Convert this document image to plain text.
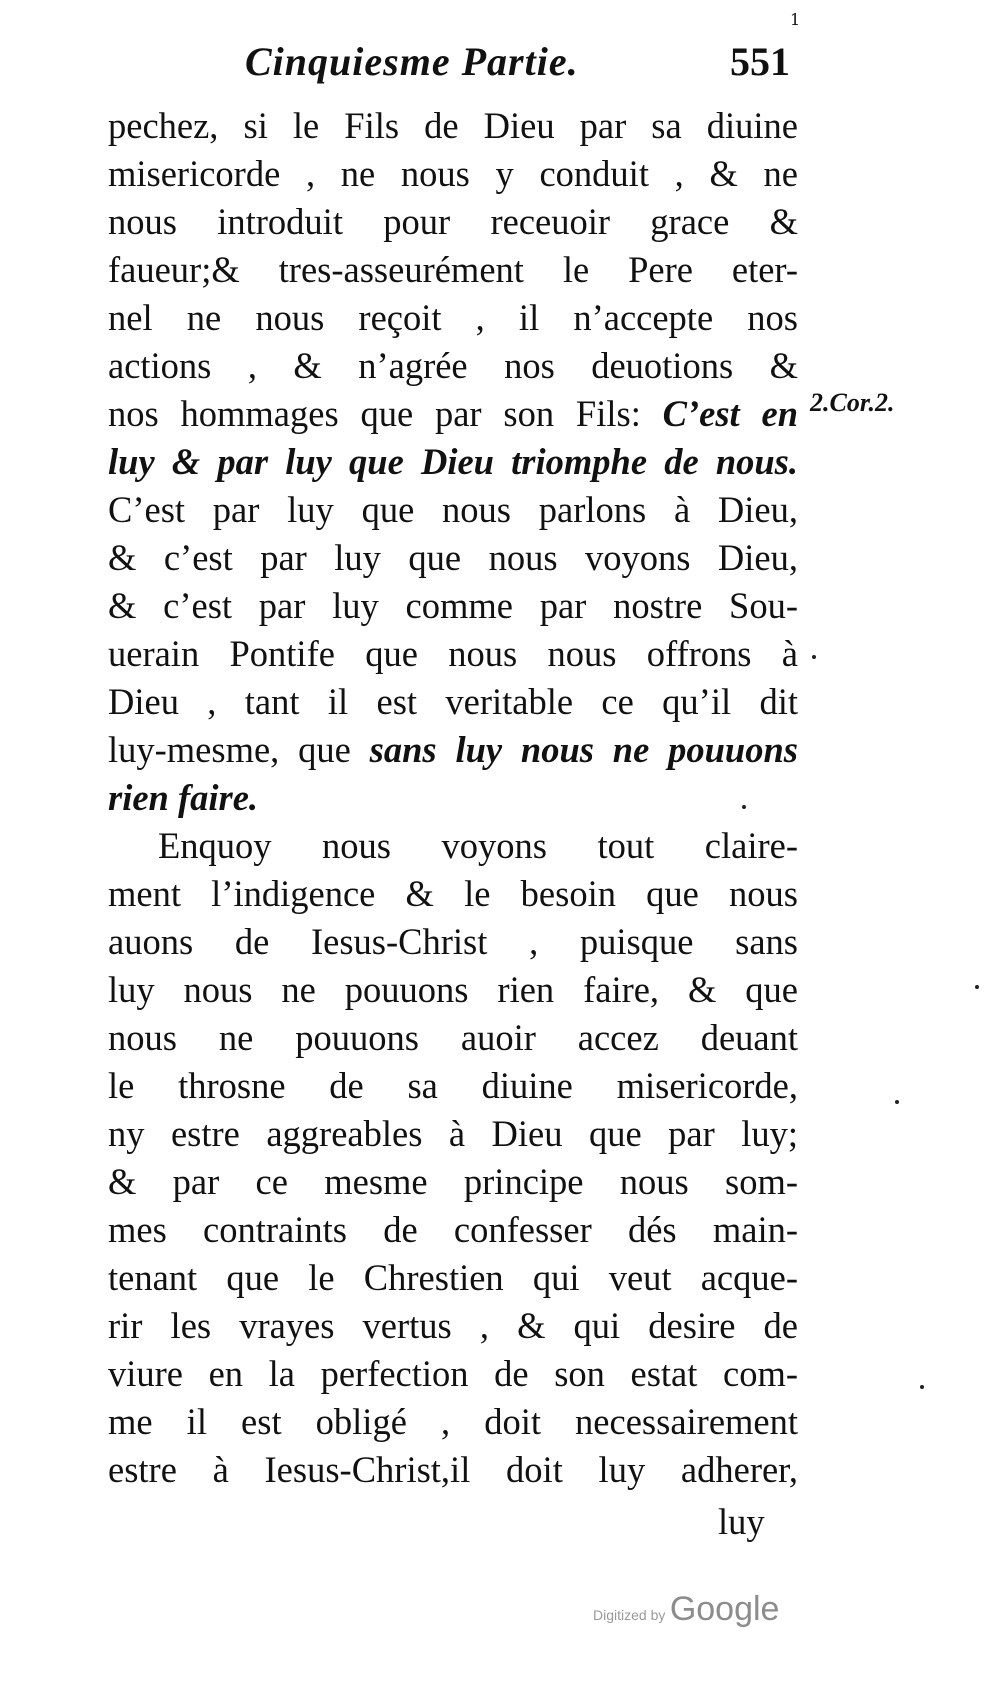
Cinquiesme Partie.	551
1
pechez, si le Fils de Dieu par sa diuine
misericorde , ne nous y conduit , & ne
nous introduit pour receuoir grace &
faueur;& tres-asseurément le Pere eter-
nel ne nous reçoit , il n’accepte nos
actions , & n’agrée nos deuotions &
nos hommages que par son Fils: C’est en
luy & par luy que Dieu triomphe de nous.
C’est par luy que nous parlons à Dieu,
& c’est par luy que nous voyons Dieu,
& c’est par luy comme par nostre Sou-
uerain Pontife que nous nous offrons à
Dieu , tant il est veritable ce qu’il dit
luy-mesme, que sans luy nous ne pouuons
rien faire.
Enquoy nous voyons tout claire-
ment l’indigence & le besoin que nous
auons de Iesus-Christ , puisque sans
luy nous ne pouuons rien faire, & que
nous ne pouuons auoir accez deuant
le throsne de sa diuine misericorde,
ny estre aggreables à Dieu que par luy;
& par ce mesme principe nous som-
mes contraints de confesser dés main-
tenant que le Chrestien qui veut acque-
rir les vrayes vertus , & qui desire de
viure en la perfection de son estat com-
me il est obligé , doit necessairement
estre à Iesus-Christ,il doit luy adherer,
2.Cor.2.
luy
Digitized by Google
